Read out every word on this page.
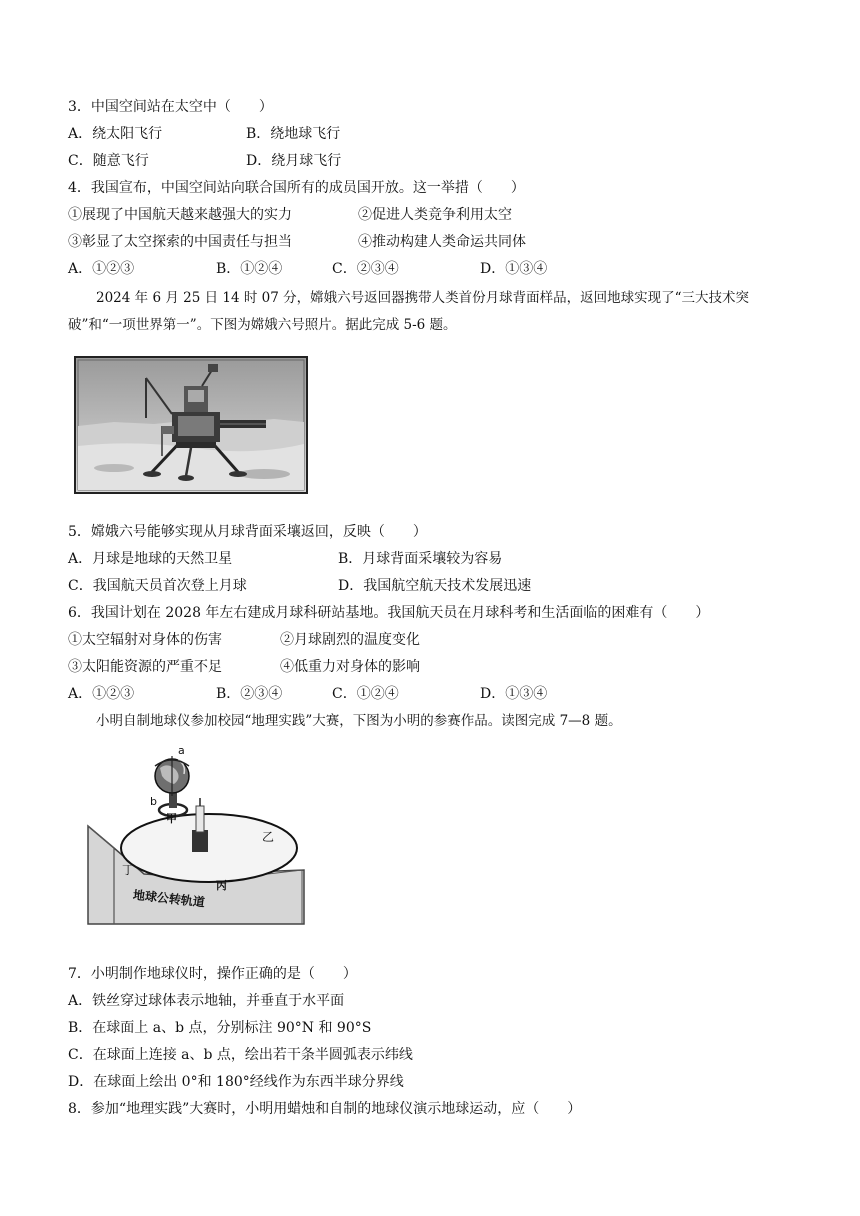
3．中国空间站在太空中（　　）
A．绕太阳飞行	B．绕地球飞行
C．随意飞行	D．绕月球飞行
4．我国宣布，中国空间站向联合国所有的成员国开放。这一举措（　　）
①展现了中国航天越来越强大的实力	②促进人类竞争利用太空
③彰显了太空探索的中国责任与担当	④推动构建人类命运共同体
A．①②③	B．①②④	C．②③④	D．①③④
2024 年 6 月 25 日 14 时 07 分，嫦娥六号返回器携带人类首份月球背面样品，返回地球实现了“三大技术突破”和“一项世界第一”。下图为嫦娥六号照片。据此完成 5-6 题。
5．嫦娥六号能够实现从月球背面采壤返回，反映（　　）
A．月球是地球的天然卫星	B．月球背面采壤较为容易
C．我国航天员首次登上月球	D．我国航空航天技术发展迅速
6．我国计划在 2028 年左右建成月球科研站基地。我国航天员在月球科考和生活面临的困难有（　　）
①太空辐射对身体的伤害	②月球剧烈的温度变化
③太阳能资源的严重不足	④低重力对身体的影响
A．①②③	B．②③④	C．①②④	D．①③④
小明自制地球仪参加校园“地理实践”大赛，下图为小明的参赛作品。读图完成 7—8 题。
a
b
甲
乙
丙
丁
地球公转轨道
7．小明制作地球仪时，操作正确的是（　　）
A．铁丝穿过球体表示地轴，并垂直于水平面
B．在球面上 a、b 点，分别标注 90°N 和 90°S
C．在球面上连接 a、b 点，绘出若干条半圆弧表示纬线
D．在球面上绘出 0°和 180°经线作为东西半球分界线
8．参加“地理实践”大赛时，小明用蜡烛和自制的地球仪演示地球运动，应（　　）
